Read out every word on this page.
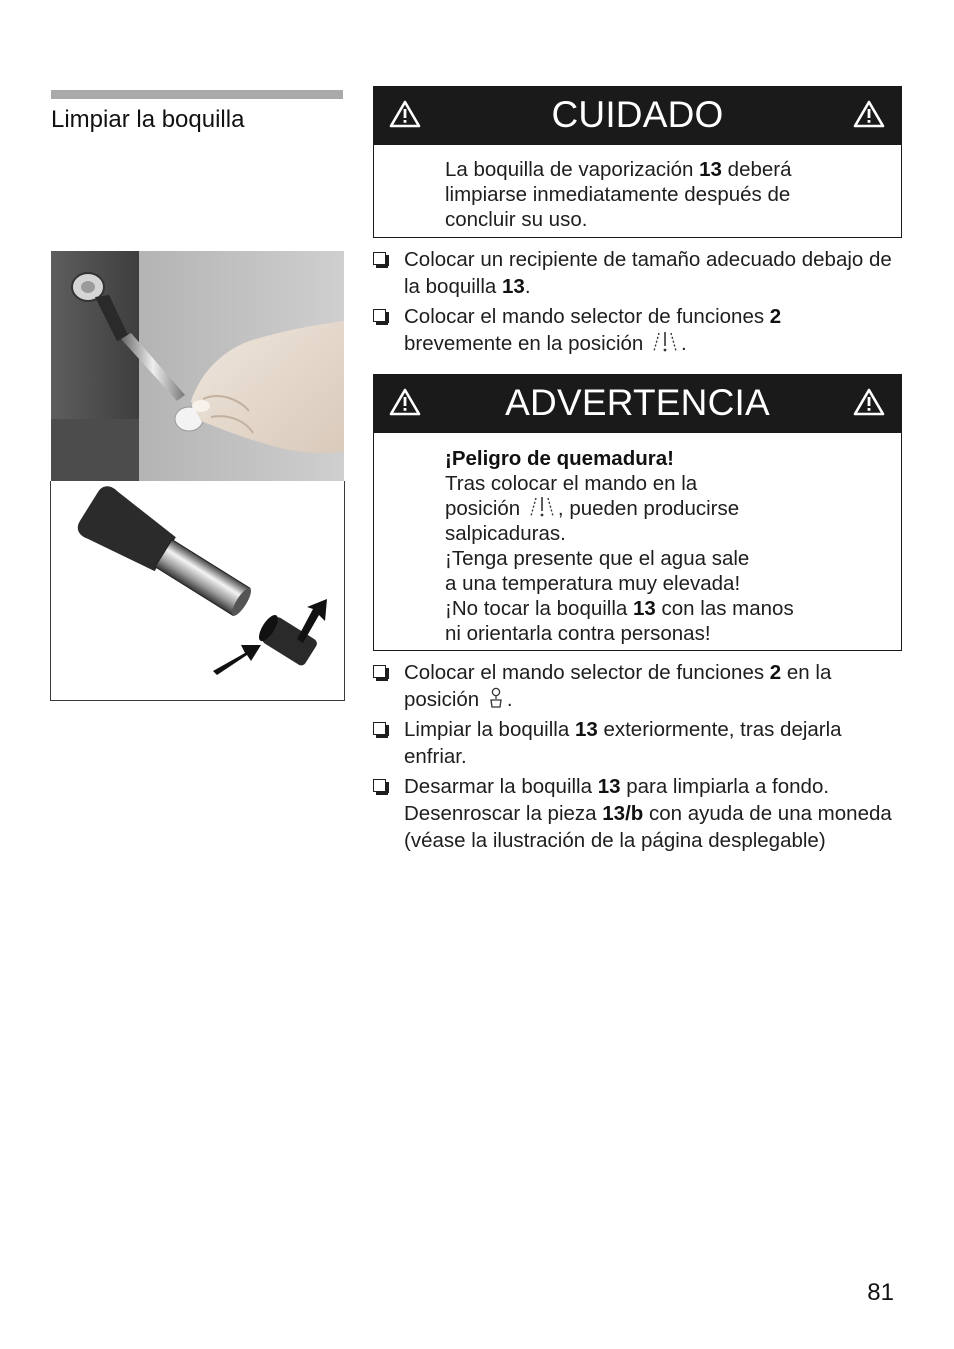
Limpiar la boquilla	CUIDADO

La boquilla de vaporización 13 deberá limpiarse inmediatamente después de concluir su uso.

Colocar un recipiente de tamaño adecuado debajo de la boquilla 13.
Colocar el mando selector de funciones 2
brevemente en la posición .
ADVERTENCIA

¡Peligro de quemadura!

Tras colocar el mando en la

posición , pueden producirse

salpicaduras.

¡Tenga presente que el agua sale

a una temperatura muy elevada!

¡No tocar la boquilla 13 con las manos

ni orientarla contra personas!

Colocar el mando selector de funciones 2 en la posición .
Limpiar la boquilla 13 exteriormente, tras dejarla enfriar.
Desarmar la boquilla 13 para limpiarla a fondo.
Desenroscar la pieza 13/b con ayuda de una moneda (véase la ilustración de la página desplegable)
81
